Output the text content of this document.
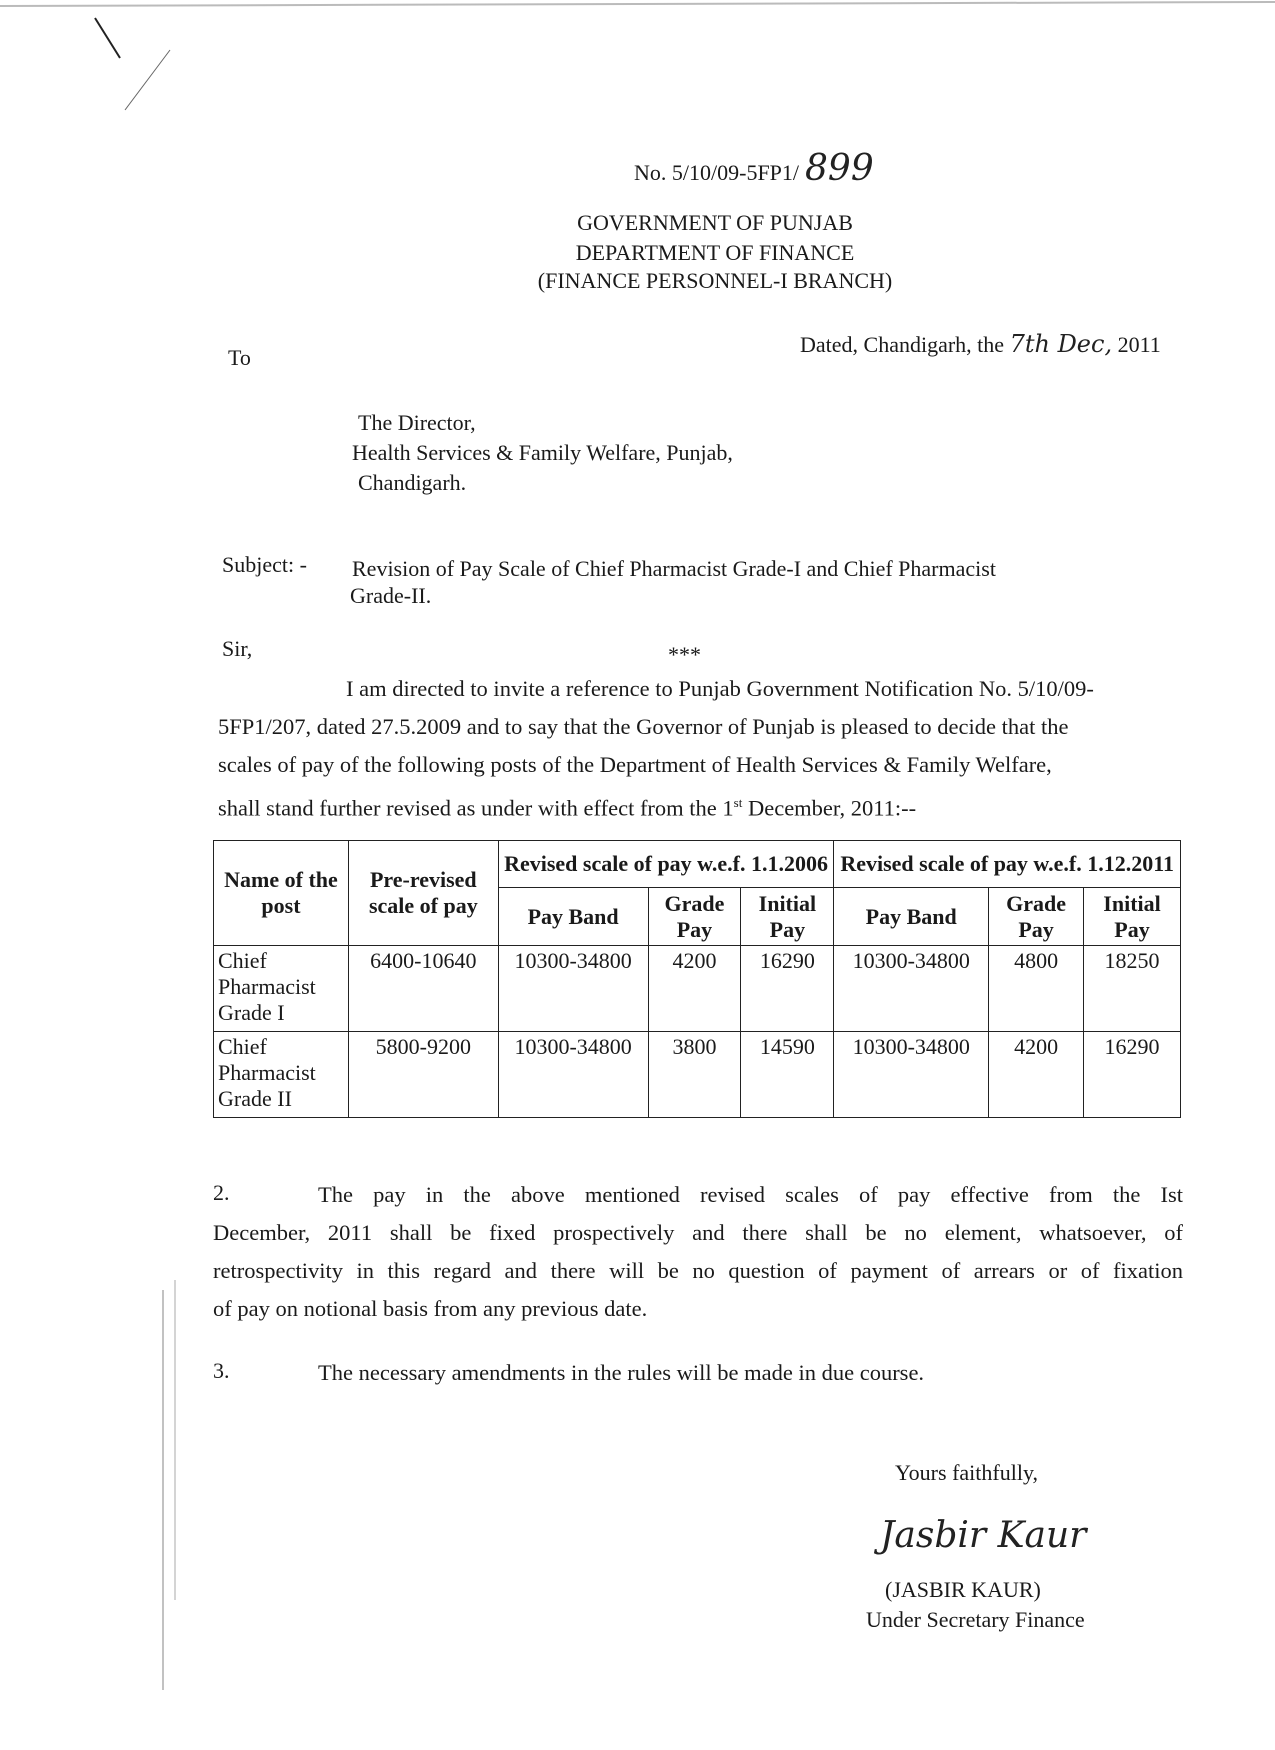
No. 5/10/09-5FP1/ 899
GOVERNMENT OF PUNJAB
DEPARTMENT OF FINANCE
(FINANCE PERSONNEL-I BRANCH)
Dated, Chandigarh, the 7th Dec, 2011
To
The Director,
Health Services & Family Welfare, Punjab,
Chandigarh.
Subject: - Revision of Pay Scale of Chief Pharmacist Grade-I and Chief Pharmacist
Grade-II.
Sir,	***
I am directed to invite a reference to Punjab Government Notification No. 5/10/09-
5FP1/207, dated 27.5.2009 and to say that the Governor of Punjab is pleased to decide that the
scales of pay of the following posts of the Department of Health Services & Family Welfare,
shall stand further revised as under with effect from the 1st December, 2011:--
Name of the post	Pre-revised scale of pay	Revised scale of pay w.e.f. 1.1.2006			Revised scale of pay w.e.f. 1.12.2011		
		Pay Band	Grade Pay	Initial Pay	Pay Band	Grade Pay	Initial Pay
Chief Pharmacist Grade I	6400-10640	10300-34800	4200	16290	10300-34800	4800	18250
Chief Pharmacist Grade II	5800-9200	10300-34800	3800	14590	10300-34800	4200	16290
2.	The pay in the above mentioned revised scales of pay effective from the Ist
December, 2011 shall be fixed prospectively and there shall be no element, whatsoever, of
retrospectivity in this regard and there will be no question of payment of arrears or of fixation
of pay on notional basis from any previous date.
3.	The necessary amendments in the rules will be made in due course.
Yours faithfully,
Jasbir Kaur
(JASBIR KAUR)
Under Secretary Finance
